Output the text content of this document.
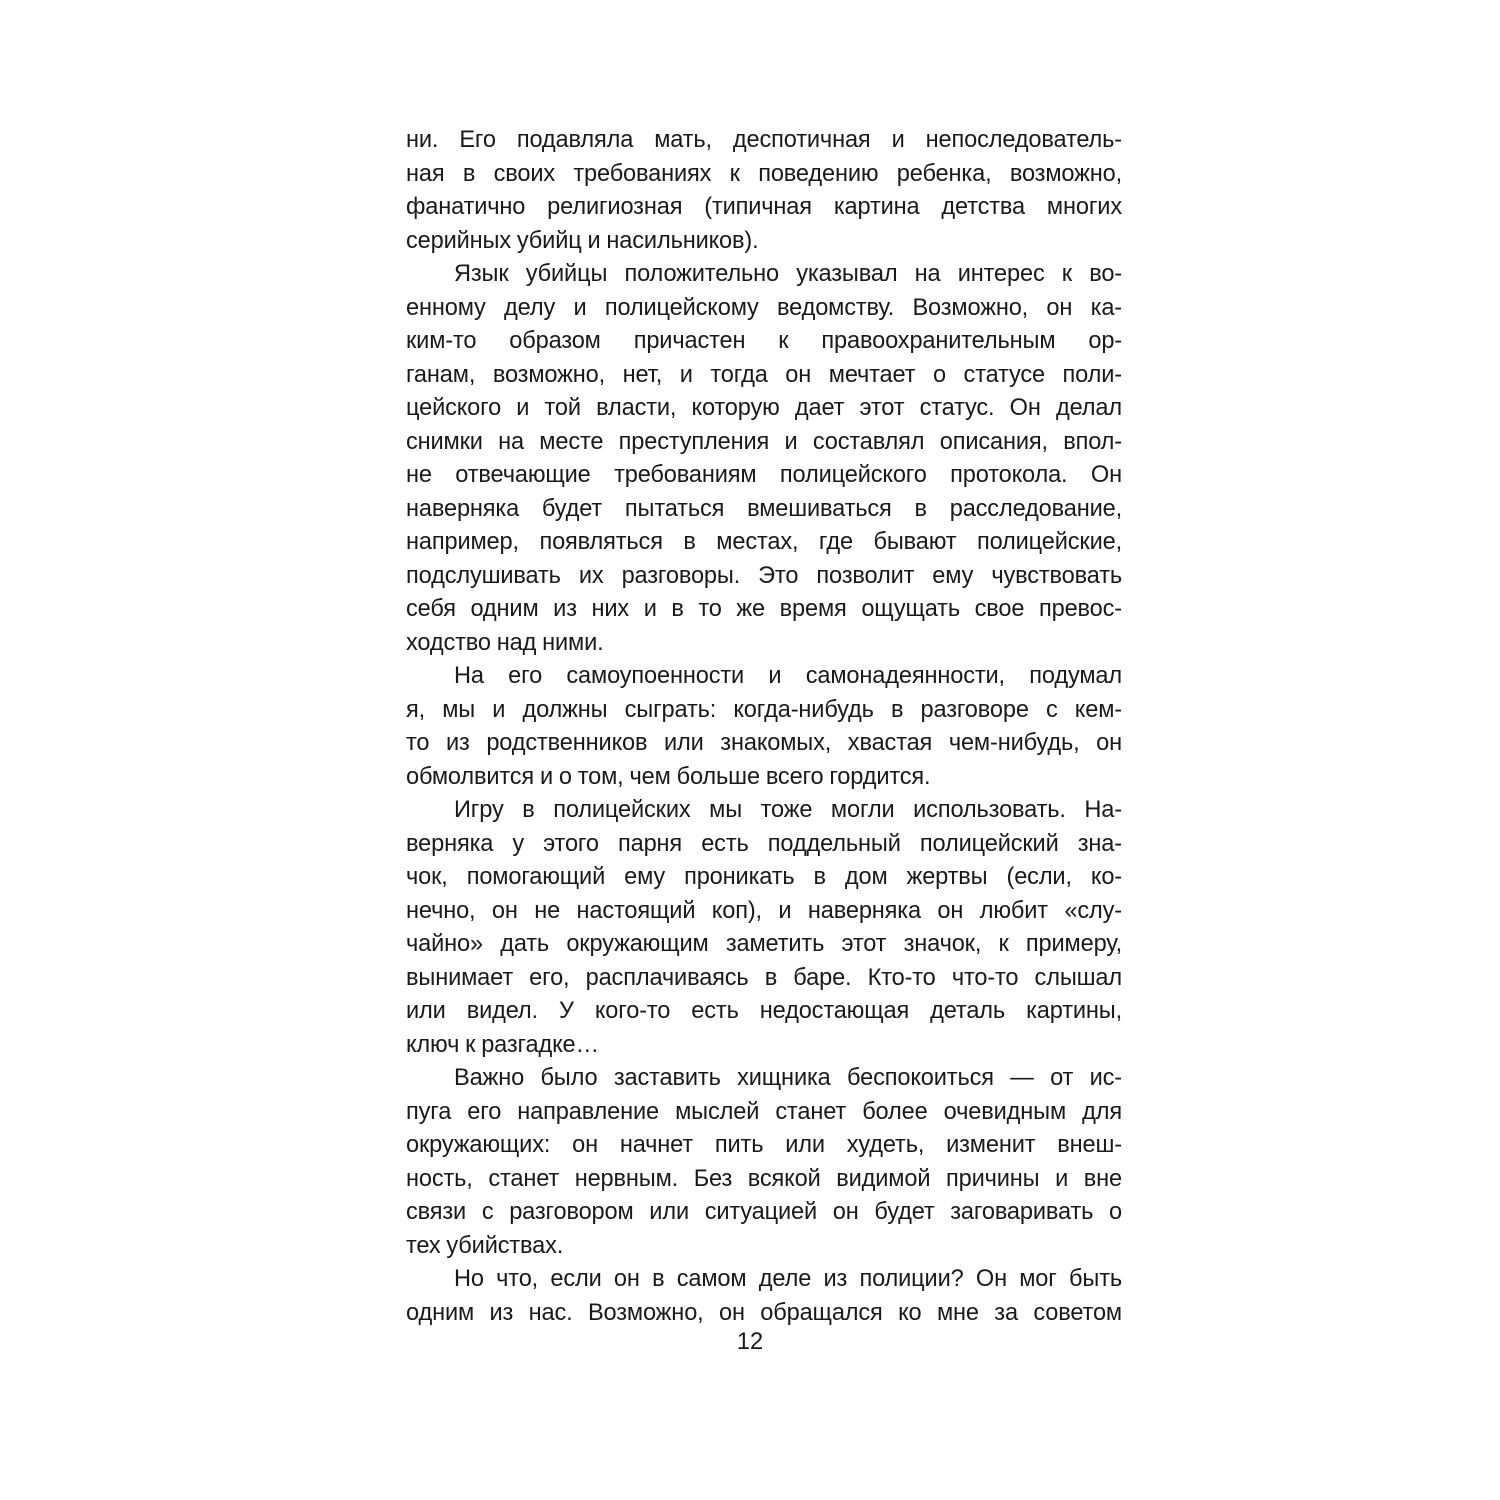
ни. Его подавляла мать, деспотичная и непоследователь-
ная в своих требованиях к поведению ребенка, возможно,
фанатично религиозная (типичная картина детства многих
серийных убийц и насильников).
Язык убийцы положительно указывал на интерес к во-
енному делу и полицейскому ведомству. Возможно, он ка-
ким-то образом причастен к правоохранительным ор-
ганам, возможно, нет, и тогда он мечтает о статусе поли-
цейского и той власти, которую дает этот статус. Он делал
снимки на месте преступления и составлял описания, впол-
не отвечающие требованиям полицейского протокола. Он
наверняка будет пытаться вмешиваться в расследование,
например, появляться в местах, где бывают полицейские,
подслушивать их разговоры. Это позволит ему чувствовать
себя одним из них и в то же время ощущать свое превос-
ходство над ними.
На его самоупоенности и самонадеянности, подумал
я, мы и должны сыграть: когда-нибудь в разговоре с кем-
то из родственников или знакомых, хвастая чем-нибудь, он
обмолвится и о том, чем больше всего гордится.
Игру в полицейских мы тоже могли использовать. На-
верняка у этого парня есть поддельный полицейский зна-
чок, помогающий ему проникать в дом жертвы (если, ко-
нечно, он не настоящий коп), и наверняка он любит «слу-
чайно» дать окружающим заметить этот значок, к примеру,
вынимает его, расплачиваясь в баре. Кто-то что-то слышал
или видел. У кого-то есть недостающая деталь картины,
ключ к разгадке…
Важно было заставить хищника беспокоиться — от ис-
пуга его направление мыслей станет более очевидным для
окружающих: он начнет пить или худеть, изменит внеш-
ность, станет нервным. Без всякой видимой причины и вне
связи с разговором или ситуацией он будет заговаривать о
тех убийствах.
Но что, если он в самом деле из полиции? Он мог быть
одним из нас. Возможно, он обращался ко мне за советом
12
